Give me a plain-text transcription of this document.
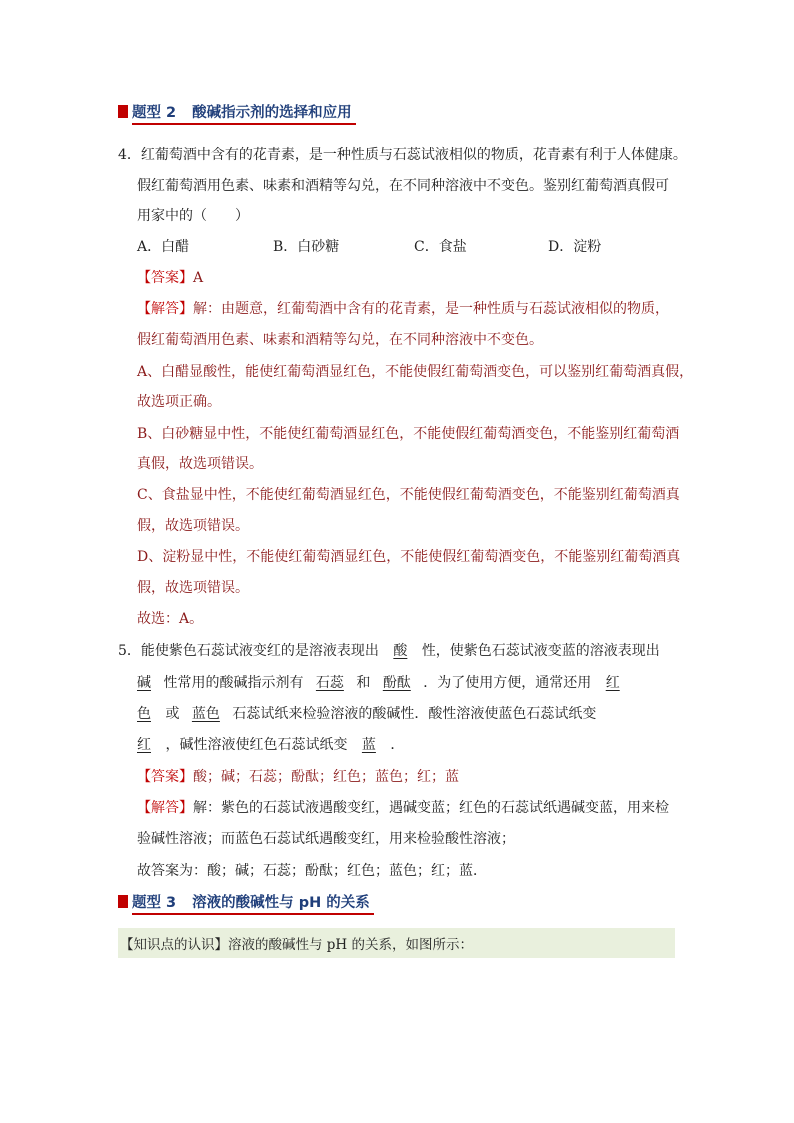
题型 2 酸碱指示剂的选择和应用
4．红葡萄酒中含有的花青素，是一种性质与石蕊试液相似的物质，花青素有利于人体健康。
假红葡萄酒用色素、味素和酒精等勾兑，在不同种溶液中不变色。鉴别红葡萄酒真假可
用家中的（　　）
A．白醋	B．白砂糖	C．食盐	D．淀粉
【答案】A
【解答】解：由题意，红葡萄酒中含有的花青素，是一种性质与石蕊试液相似的物质，
假红葡萄酒用色素、味素和酒精等勾兑，在不同种溶液中不变色。
A、白醋显酸性，能使红葡萄酒显红色，不能使假红葡萄酒变色，可以鉴别红葡萄酒真假，
故选项正确。
B、白砂糖显中性，不能使红葡萄酒显红色，不能使假红葡萄酒变色，不能鉴别红葡萄酒
真假，故选项错误。
C、食盐显中性，不能使红葡萄酒显红色，不能使假红葡萄酒变色，不能鉴别红葡萄酒真
假，故选项错误。
D、淀粉显中性，不能使红葡萄酒显红色，不能使假红葡萄酒变色，不能鉴别红葡萄酒真
假，故选项错误。
故选：A。
5．能使紫色石蕊试液变红的是溶液表现出 酸 性，使紫色石蕊试液变蓝的溶液表现出
碱 性常用的酸碱指示剂有 石蕊 和 酚酞 ．为了使用方便，通常还用 红
色 或 蓝色 石蕊试纸来检验溶液的酸碱性．酸性溶液使蓝色石蕊试纸变
红 ，碱性溶液使红色石蕊试纸变 蓝 ．
【答案】酸；碱；石蕊；酚酞；红色；蓝色；红；蓝
【解答】解：紫色的石蕊试液遇酸变红，遇碱变蓝；红色的石蕊试纸遇碱变蓝，用来检
验碱性溶液；而蓝色石蕊试纸遇酸变红，用来检验酸性溶液；
故答案为：酸；碱；石蕊；酚酞；红色；蓝色；红；蓝．
题型 3 溶液的酸碱性与 pH 的关系
【知识点的认识】 溶液的酸碱性与 pH 的关系，如图所示：
